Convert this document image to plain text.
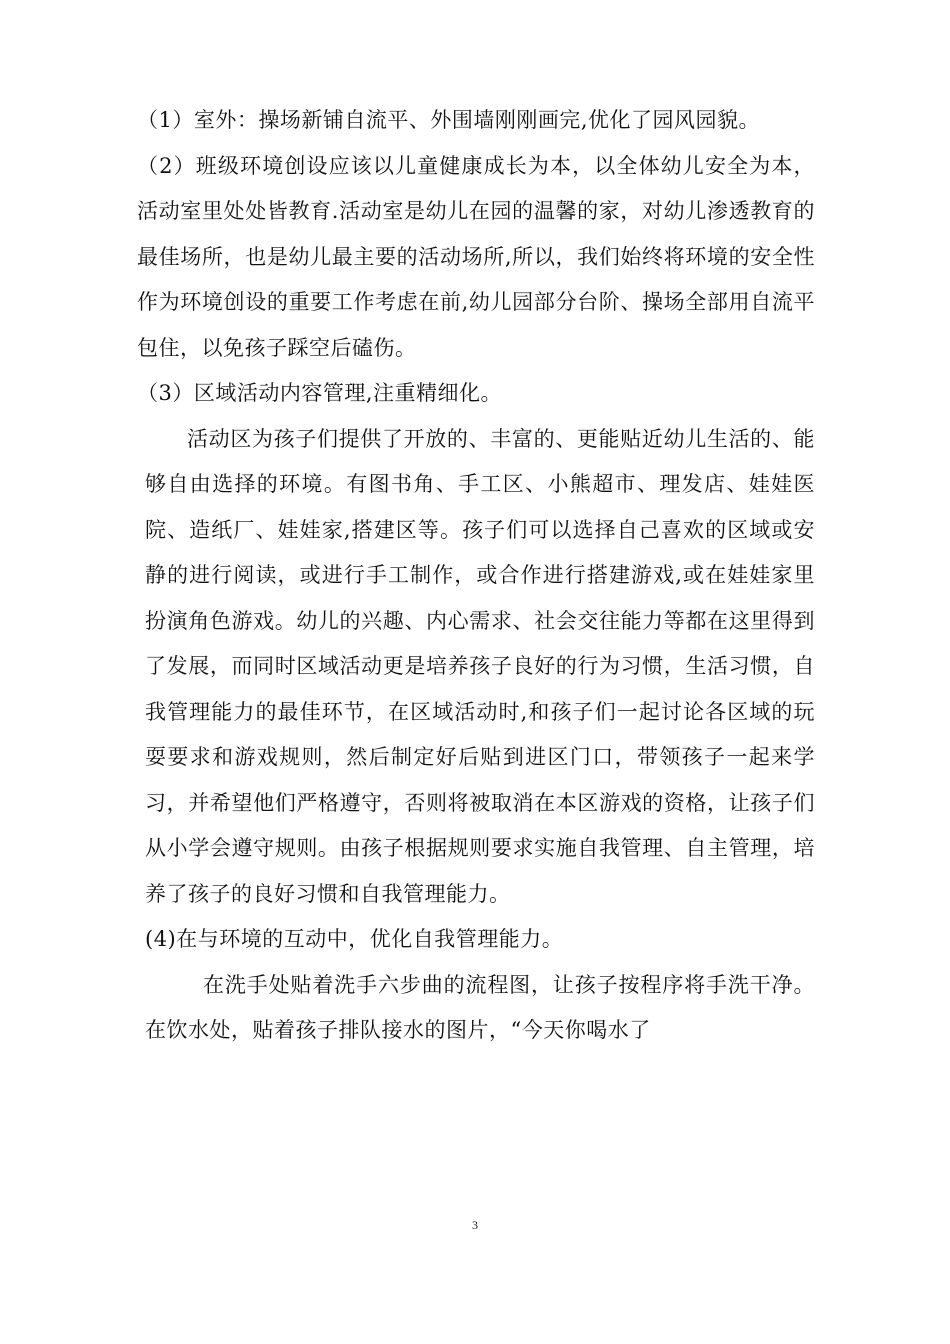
（1）室外：操场新铺自流平、外围墙刚刚画完,优化了园风园貌。

（2）班级环境创设应该以儿童健康成长为本，以全体幼儿安全为本，活动室里处处皆教育.活动室是幼儿在园的温馨的家，对幼儿渗透教育的最佳场所，也是幼儿最主要的活动场所,所以，我们始终将环境的安全性作为环境创设的重要工作考虑在前,幼儿园部分台阶、操场全部用自流平包住，以免孩子踩空后磕伤。

（3）区域活动内容管理,注重精细化。

活动区为孩子们提供了开放的、丰富的、更能贴近幼儿生活的、能够自由选择的环境。有图书角、手工区、小熊超市、理发店、娃娃医院、造纸厂、娃娃家,搭建区等。孩子们可以选择自己喜欢的区域或安静的进行阅读，或进行手工制作，或合作进行搭建游戏,或在娃娃家里扮演角色游戏。幼儿的兴趣、内心需求、社会交往能力等都在这里得到了发展，而同时区域活动更是培养孩子良好的行为习惯，生活习惯，自我管理能力的最佳环节，在区域活动时,和孩子们一起讨论各区域的玩耍要求和游戏规则，然后制定好后贴到进区门口，带领孩子一起来学习，并希望他们严格遵守，否则将被取消在本区游戏的资格，让孩子们从小学会遵守规则。由孩子根据规则要求实施自我管理、自主管理，培养了孩子的良好习惯和自我管理能力。

(4)在与环境的互动中，优化自我管理能力。

在洗手处贴着洗手六步曲的流程图，让孩子按程序将手洗干净。在饮水处，贴着孩子排队接水的图片，“今天你喝水了

3
